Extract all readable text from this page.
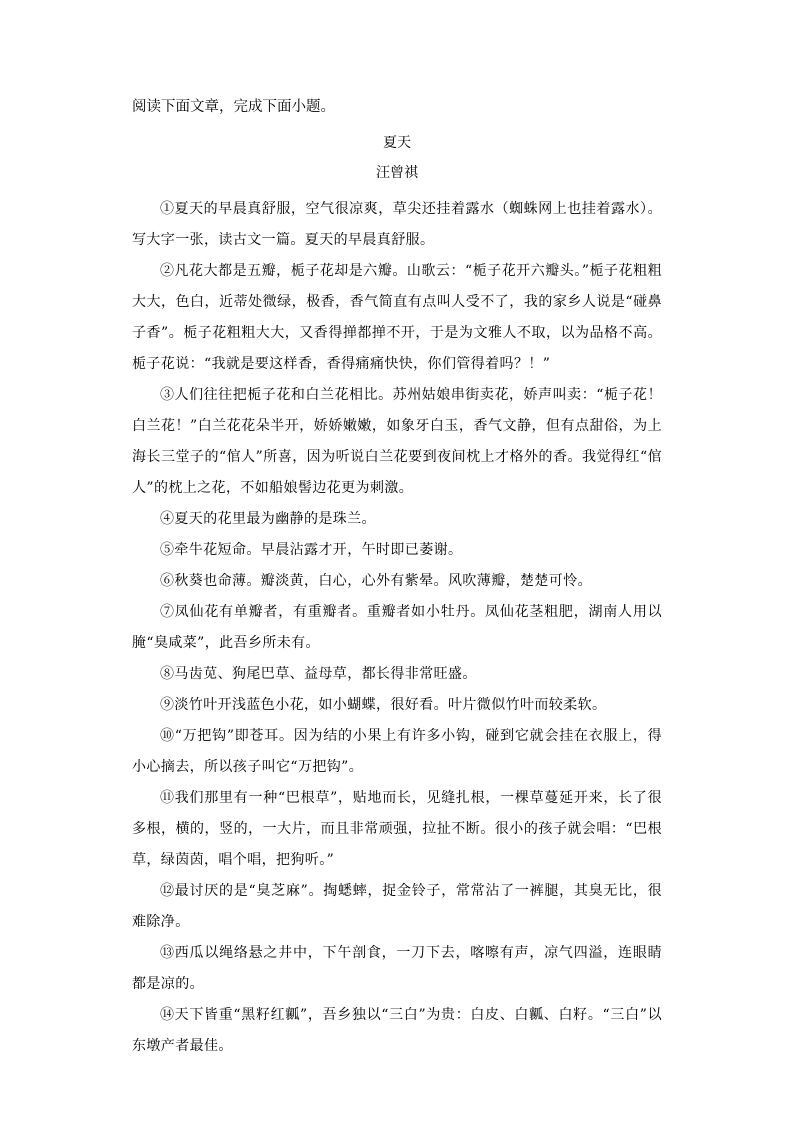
阅读下面文章，完成下面小题。

夏天

汪曾祺

①夏天的早晨真舒服，空气很凉爽，草尖还挂着露水（蜘蛛网上也挂着露水）。写大字一张，读古文一篇。夏天的早晨真舒服。

②凡花大都是五瓣，栀子花却是六瓣。山歌云：“栀子花开六瓣头。”栀子花粗粗大大，色白，近蒂处微绿，极香，香气简直有点叫人受不了，我的家乡人说是“碰鼻子香”。栀子花粗粗大大，又香得掸都掸不开，于是为文雅人不取，以为品格不高。栀子花说：“我就是要这样香，香得痛痛快快，你们管得着吗？！”

③人们往往把栀子花和白兰花相比。苏州姑娘串街卖花，娇声叫卖：“栀子花！白兰花！”白兰花花朵半开，娇娇嫩嫩，如象牙白玉，香气文静，但有点甜俗，为上海长三堂子的“倌人”所喜，因为听说白兰花要到夜间枕上才格外的香。我觉得红“倌人”的枕上之花，不如船娘髻边花更为刺激。

④夏天的花里最为幽静的是珠兰。

⑤牵牛花短命。早晨沾露才开，午时即已萎谢。

⑥秋葵也命薄。瓣淡黄，白心，心外有紫晕。风吹薄瓣，楚楚可怜。

⑦凤仙花有单瓣者，有重瓣者。重瓣者如小牡丹。凤仙花茎粗肥，湖南人用以腌“臭咸菜”，此吾乡所未有。

⑧马齿苋、狗尾巴草、益母草，都长得非常旺盛。

⑨淡竹叶开浅蓝色小花，如小蝴蝶，很好看。叶片微似竹叶而较柔软。

⑩“万把钩”即苍耳。因为结的小果上有许多小钩，碰到它就会挂在衣服上，得小心摘去，所以孩子叫它“万把钩”。

⑪我们那里有一种“巴根草”，贴地而长，见缝扎根，一棵草蔓延开来，长了很多根，横的，竖的，一大片，而且非常顽强，拉扯不断。很小的孩子就会唱：“巴根草，绿茵茵，唱个唱，把狗听。”

⑫最讨厌的是“臭芝麻”。掏蟋蟀，捉金铃子，常常沾了一裤腿，其臭无比，很难除净。

⑬西瓜以绳络悬之井中，下午剖食，一刀下去，喀嚓有声，凉气四溢，连眼睛都是凉的。

⑭天下皆重“黑籽红瓤”，吾乡独以“三白”为贵：白皮、白瓤、白籽。“三白”以东墩产者最佳。
